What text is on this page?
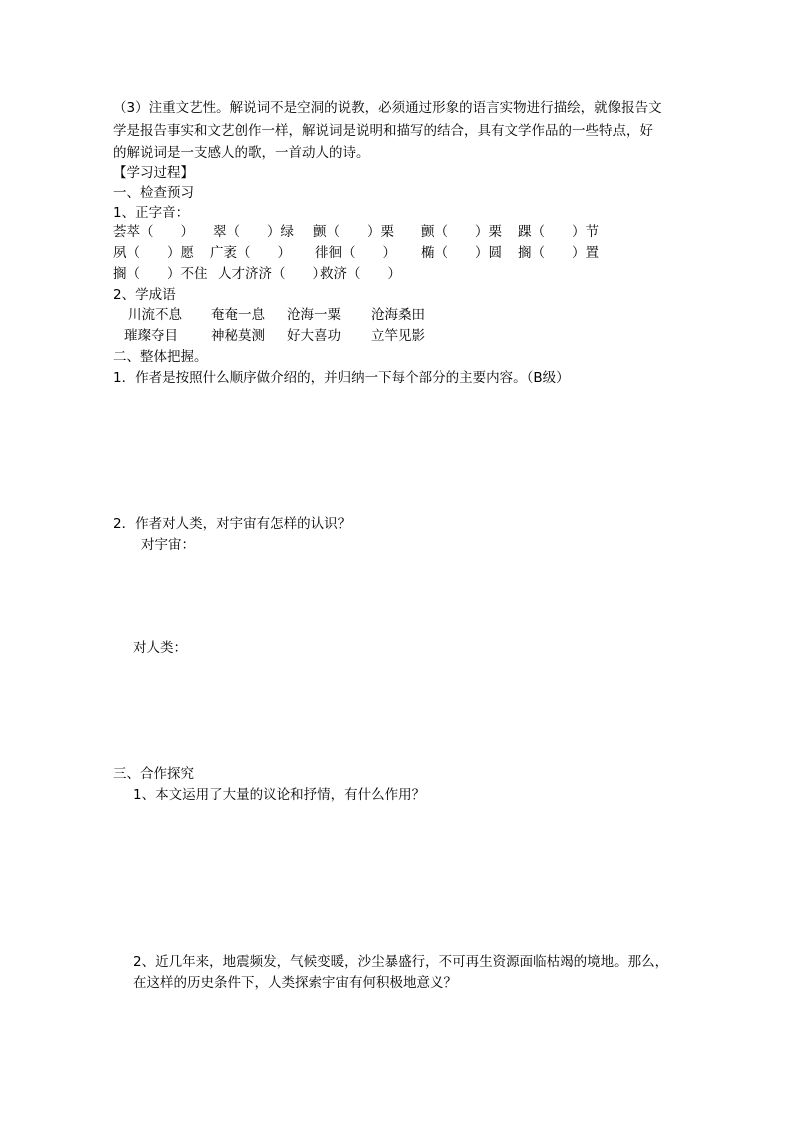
（3）注重文艺性。解说词不是空洞的说教，必须通过形象的语言实物进行描绘，就像报告文
学是报告事实和文艺创作一样，解说词是说明和描写的结合，具有文学作品的一些特点，好
的解说词是一支感人的歌，一首动人的诗。
【学习过程】
一、检查预习
1、正字音：
荟萃（　　） 翠（　　）绿 颤（　　）栗 颤（　　）栗 踝（　　）节
夙（　　）愿 广袤（　　） 徘徊（　　） 椭（　　）圆 搁（　　）置
搁（　　）不住 人才济济（　　）
救济（　　）
2、学成语
川流不息 奄奄一息 沧海一粟 沧海桑田
璀璨夺目 神秘莫测 好大喜功 立竿见影
二、整体把握。
1．作者是按照什么顺序做介绍的，并归纳一下每个部分的主要内容。（B级）
2．作者对人类，对宇宙有怎样的认识？
对宇宙：
对人类：
三、合作探究
1、本文运用了大量的议论和抒情，有什么作用？
2、近几年来，地震频发，气候变暖，沙尘暴盛行，不可再生资源面临枯竭的境地。那么，
在这样的历史条件下，人类探索宇宙有何积极地意义？
